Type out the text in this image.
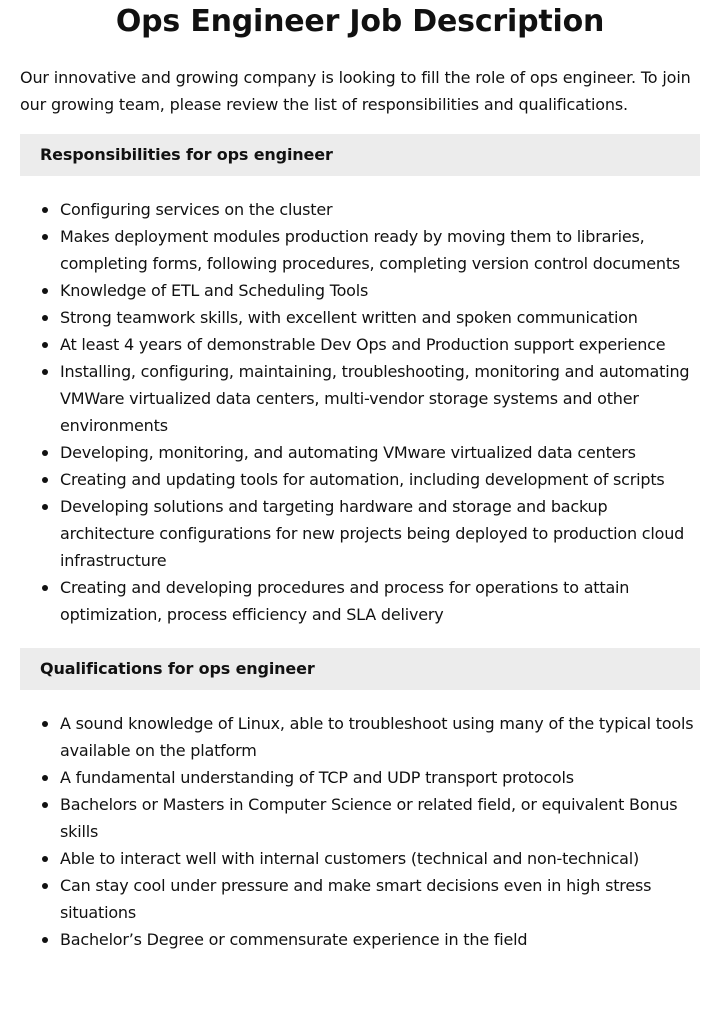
Ops Engineer Job Description

Our innovative and growing company is looking to fill the role of ops engineer. To join our growing team, please review the list of responsibilities and qualifications.

Responsibilities for ops engineer
Configuring services on the cluster
Makes deployment modules production ready by moving them to libraries, completing forms, following procedures, completing version control documents
Knowledge of ETL and Scheduling Tools
Strong teamwork skills, with excellent written and spoken communication
At least 4 years of demonstrable Dev Ops and Production support experience
Installing, configuring, maintaining, troubleshooting, monitoring and automating VMWare virtualized data centers, multi-vendor storage systems and other environments
Developing, monitoring, and automating VMware virtualized data centers
Creating and updating tools for automation, including development of scripts
Developing solutions and targeting hardware and storage and backup architecture configurations for new projects being deployed to production cloud infrastructure
Creating and developing procedures and process for operations to attain optimization, process efficiency and SLA delivery
Qualifications for ops engineer
A sound knowledge of Linux, able to troubleshoot using many of the typical tools available on the platform
A fundamental understanding of TCP and UDP transport protocols
Bachelors or Masters in Computer Science or related field, or equivalent Bonus skills
Able to interact well with internal customers (technical and non-technical)
Can stay cool under pressure and make smart decisions even in high stress situations
Bachelor’s Degree or commensurate experience in the field
